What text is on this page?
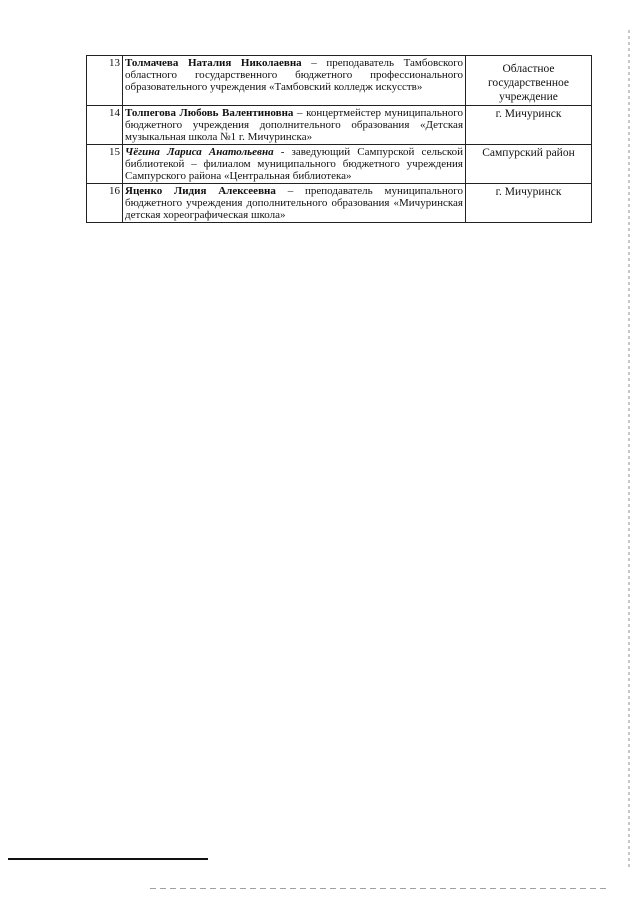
13	Толмачева Наталия Николаевна – преподаватель Тамбовского областного государственного бюджетного профессионального образовательного учреждения «Тамбовский колледж искусств»	Областное государственное учреждение
14	Толпегова Любовь Валентиновна – концертмейстер муниципального бюджетного учреждения дополнительного образования «Детская музыкальная школа №1 г. Мичуринска»	г. Мичуринск
15	Чёгина Лариса Анатольевна - заведующий Сампурской сельской библиотекой – филиалом муниципального бюджетного учреждения Сампурского района «Центральная библиотека»	Сампурский район
16	Яценко Лидия Алексеевна – преподаватель муниципального бюджетного учреждения дополнительного образования «Мичуринская детская хореографическая школа»	г. Мичуринск
